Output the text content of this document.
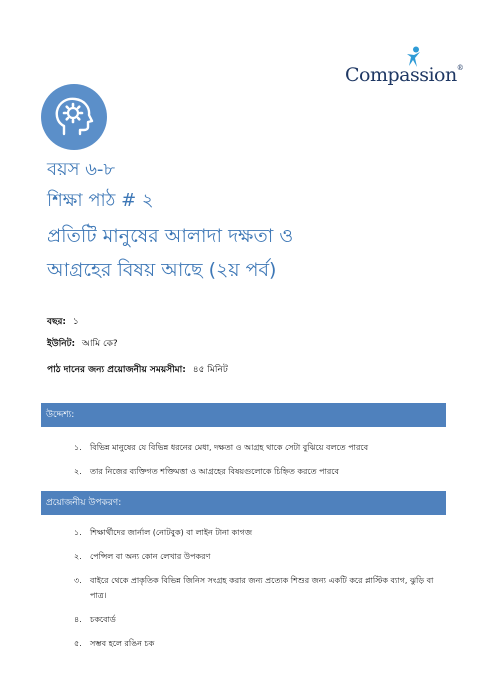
Compassion®
বয়স ৬-৮
শিক্ষা পাঠ # ২
প্রতিটি মানুষের আলাদা দক্ষতা ও
আগ্রহের বিষয় আছে (২য় পর্ব)
বছর: ১
ইউনিট: আমি কে?
পাঠ দানের জন্য প্রয়োজনীয় সময়সীমা: ৪৫ মিনিট
উদ্দেশ্য:
১.	বিভিন্ন মানুষের যে বিভিন্ন ধরনের মেধা, দক্ষতা ও আগ্রহ থাকে সেটা বুঝিয়ে বলতে পারবে
২.	তার নিজের ব্যক্তিগত শক্তিমত্তা ও আগ্রহের বিষয়গুলোকে চিহ্নিত করতে পারবে
প্রয়োজনীয় উপকরণ:
১.	শিক্ষার্থীদের জার্নাল (নোটবুক) বা লাইন টানা কাগজ
২.	পেন্সিল বা অন্য কোন লেখার উপকরণ
৩.	বাইরে থেকে প্রাকৃতিক বিভিন্ন জিনিস সংগ্রহ করার জন্য প্রত্যেক শিশুর জন্য একটি করে প্লাস্টিক ব্যাগ, ঝুড়ি বা
পাত্র।
৪.	চকবোর্ড
৫.	সম্ভব হলে রঙিন চক
